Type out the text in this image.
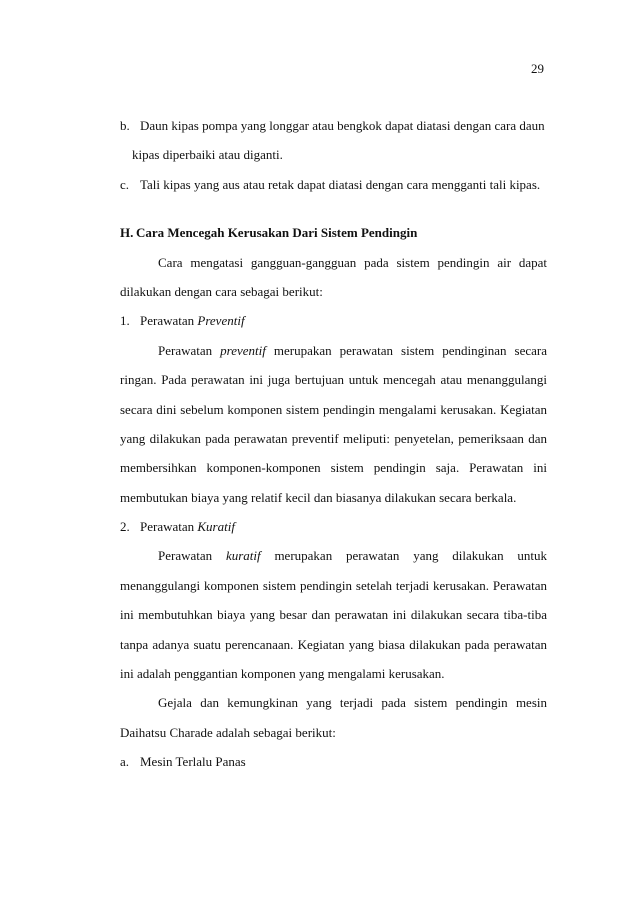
29
b. Daun kipas pompa yang longgar atau bengkok dapat diatasi dengan cara daun
kipas diperbaiki atau diganti.
c. Tali kipas yang aus atau retak dapat diatasi dengan cara mengganti tali kipas.
H. Cara Mencegah Kerusakan Dari Sistem Pendingin
Cara mengatasi gangguan-gangguan pada sistem pendingin air dapat
dilakukan dengan cara sebagai berikut:
1. Perawatan Preventif
Perawatan preventif merupakan perawatan sistem pendinginan secara
ringan. Pada perawatan ini juga bertujuan untuk mencegah atau menanggulangi
secara dini sebelum komponen sistem pendingin mengalami kerusakan. Kegiatan
yang dilakukan pada perawatan preventif meliputi: penyetelan, pemeriksaan dan
membersihkan komponen-komponen sistem pendingin saja. Perawatan ini
membutukan biaya yang relatif kecil dan biasanya dilakukan secara berkala.
2. Perawatan Kuratif
Perawatan kuratif merupakan perawatan yang dilakukan untuk
menanggulangi komponen sistem pendingin setelah terjadi kerusakan. Perawatan
ini membutuhkan biaya yang besar dan perawatan ini dilakukan secara tiba-tiba
tanpa adanya suatu perencanaan. Kegiatan yang biasa dilakukan pada perawatan
ini adalah penggantian komponen yang mengalami kerusakan.
Gejala dan kemungkinan yang terjadi pada sistem pendingin mesin
Daihatsu Charade adalah sebagai berikut:
a. Mesin Terlalu Panas
